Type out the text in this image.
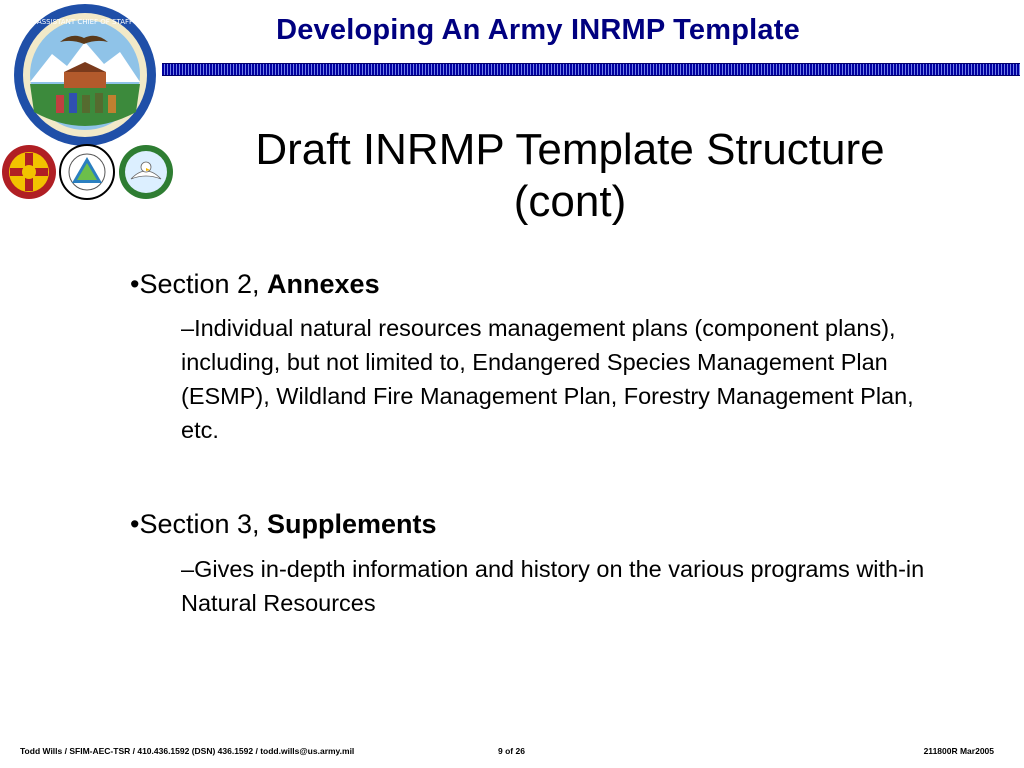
ASSISTANT CHIEF OF STAFF	Developing An Army INRMP Template
Draft INRMP Template Structure
(cont)
•Section 2, Annexes
–Individual natural resources management plans (component plans), including, but not limited to, Endangered Species Management Plan (ESMP), Wildland Fire Management Plan, Forestry Management Plan, etc.
•Section 3, Supplements
–Gives in-depth information and history on the various programs with-in Natural Resources
Todd Wills / SFIM-AEC-TSR / 410.436.1592 (DSN) 436.1592 / todd.wills@us.army.mil	9 of 26	211800R Mar2005
